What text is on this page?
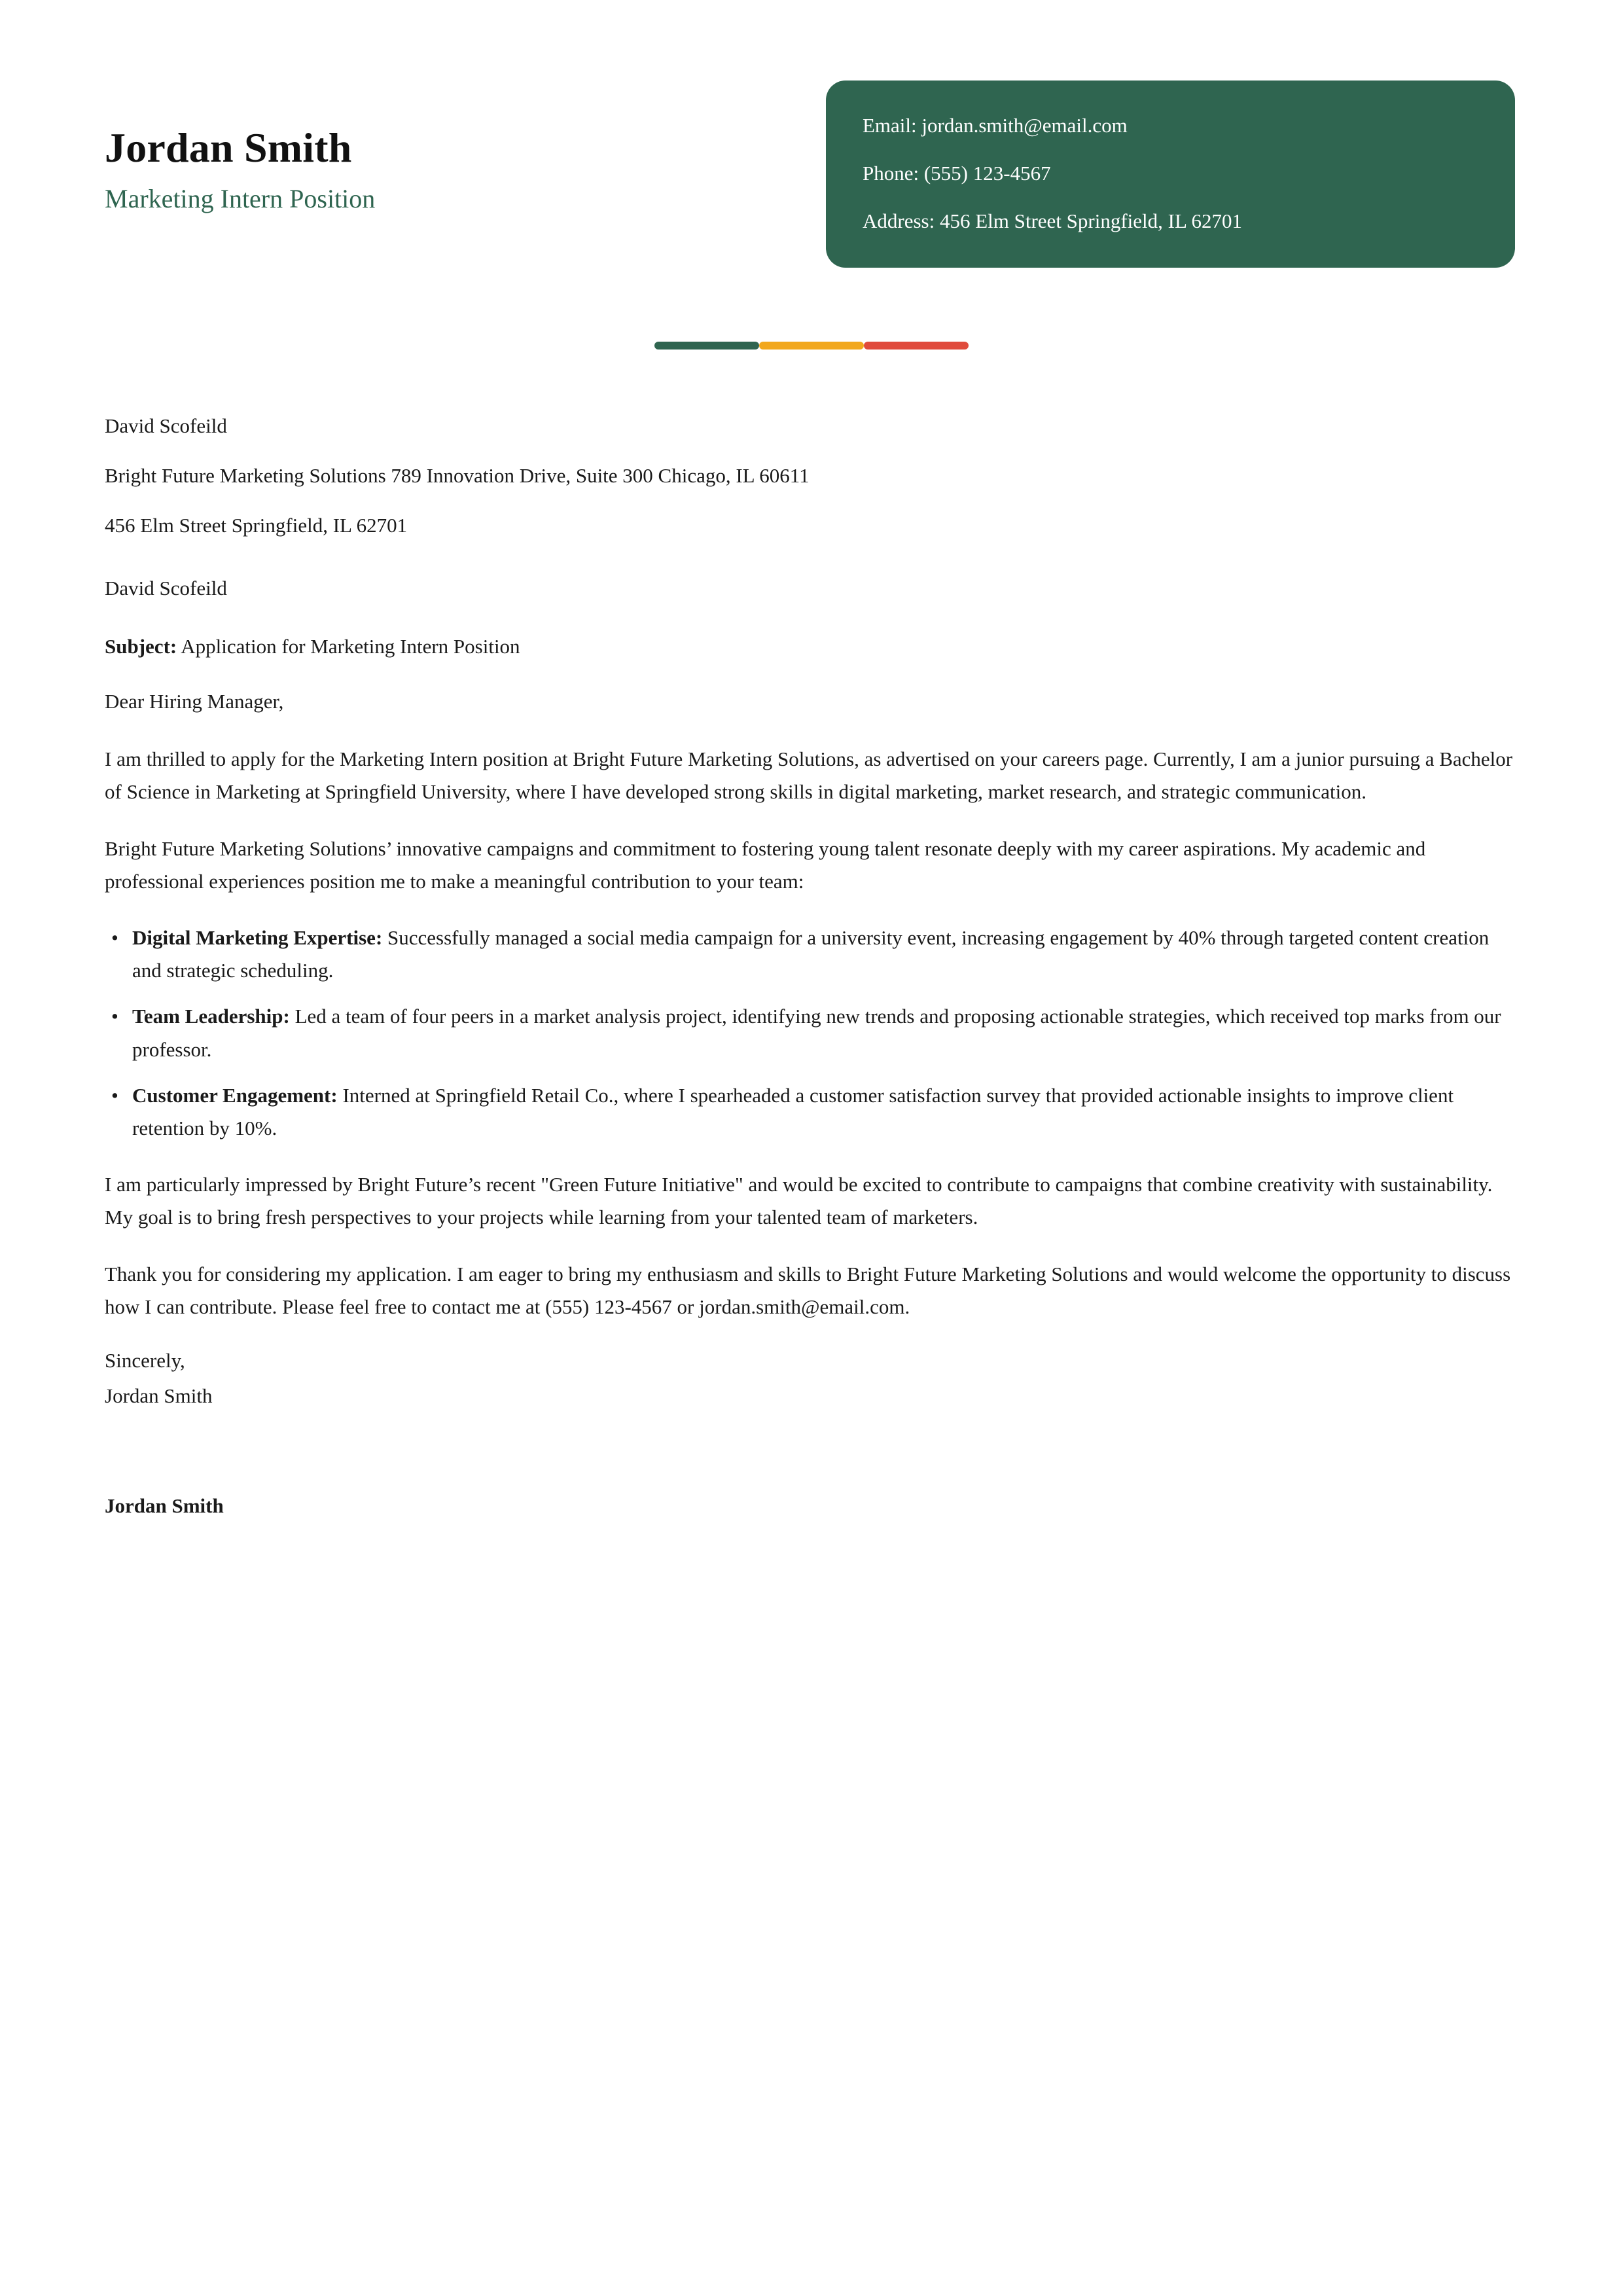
Jordan Smith
Marketing Intern Position
Email: jordan.smith@email.com
Phone: (555) 123-4567
Address: 456 Elm Street Springfield, IL 62701
David Scofeild
Bright Future Marketing Solutions 789 Innovation Drive, Suite 300 Chicago, IL 60611
456 Elm Street Springfield, IL 62701
David Scofeild
Subject: Application for Marketing Intern Position
Dear Hiring Manager,

I am thrilled to apply for the Marketing Intern position at Bright Future Marketing Solutions, as advertised on your careers page. Currently, I am a junior pursuing a Bachelor of Science in Marketing at Springfield University, where I have developed strong skills in digital marketing, market research, and strategic communication.

Bright Future Marketing Solutions’ innovative campaigns and commitment to fostering young talent resonate deeply with my career aspirations. My academic and professional experiences position me to make a meaningful contribution to your team:

• Digital Marketing Expertise: Successfully managed a social media campaign for a university event, increasing engagement by 40% through targeted content creation and strategic scheduling.
• Team Leadership: Led a team of four peers in a market analysis project, identifying new trends and proposing actionable strategies, which received top marks from our professor.
• Customer Engagement: Interned at Springfield Retail Co., where I spearheaded a customer satisfaction survey that provided actionable insights to improve client retention by 10%.

I am particularly impressed by Bright Future’s recent "Green Future Initiative" and would be excited to contribute to campaigns that combine creativity with sustainability. My goal is to bring fresh perspectives to your projects while learning from your talented team of marketers.

Thank you for considering my application. I am eager to bring my enthusiasm and skills to Bright Future Marketing Solutions and would welcome the opportunity to discuss how I can contribute. Please feel free to contact me at (555) 123-4567 or jordan.smith@email.com.

Sincerely,
Jordan Smith
Jordan Smith
